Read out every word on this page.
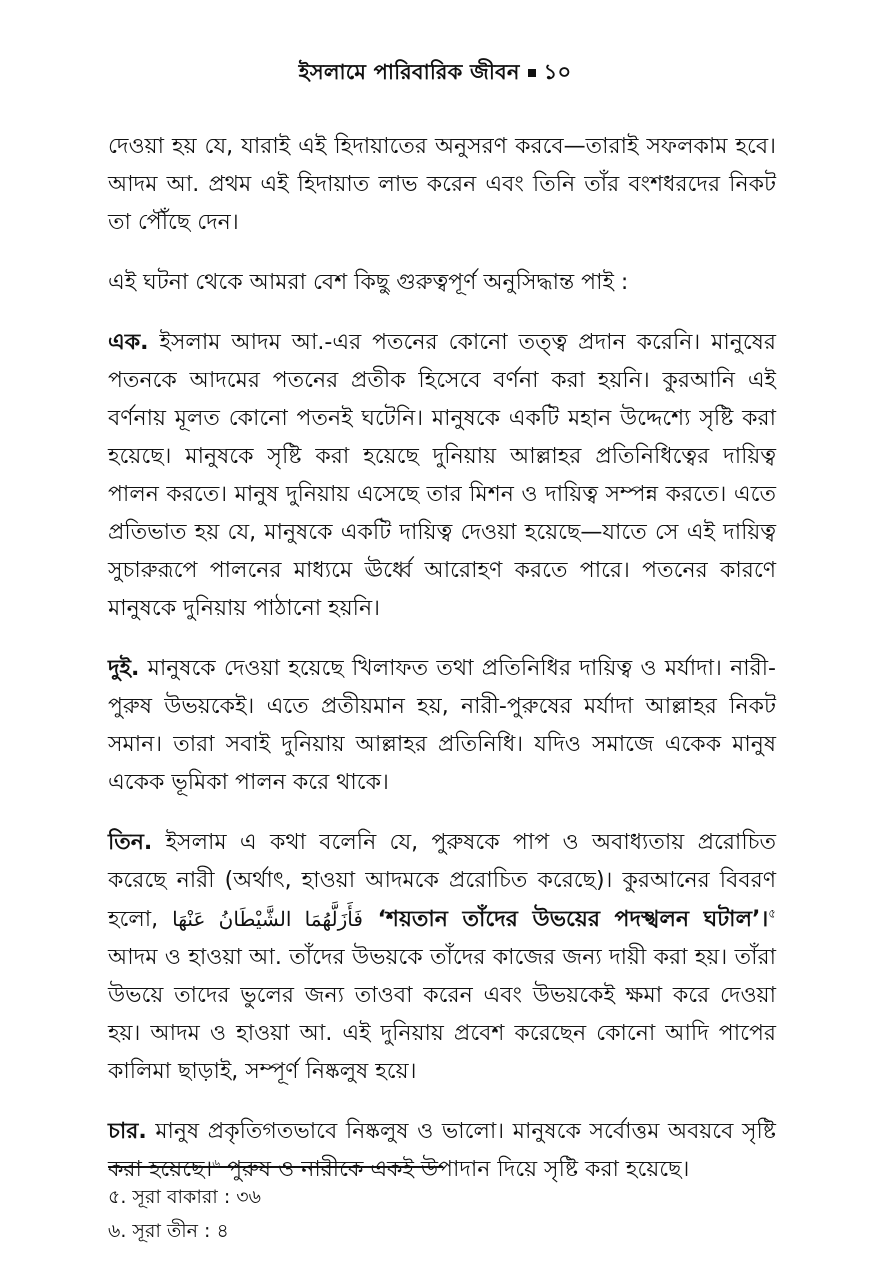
ইসলামে পারিবারিক জীবন ১০

দেওয়া হয় যে, যারাই এই হিদায়াতের অনুসরণ করবে—তারাই সফলকাম হবে। আদম আ. প্রথম এই হিদায়াত লাভ করেন এবং তিনি তাঁর বংশধরদের নিকট তা পৌঁছে দেন।

এই ঘটনা থেকে আমরা বেশ কিছু গুরুত্বপূর্ণ অনুসিদ্ধান্ত পাই :

এক. ইসলাম আদম আ.-এর পতনের কোনো তত্ত্ব প্রদান করেনি। মানুষের পতনকে আদমের পতনের প্রতীক হিসেবে বর্ণনা করা হয়নি। কুরআনি এই বর্ণনায় মূলত কোনো পতনই ঘটেনি। মানুষকে একটি মহান উদ্দেশ্যে সৃষ্টি করা হয়েছে। মানুষকে সৃষ্টি করা হয়েছে দুনিয়ায় আল্লাহর প্রতিনিধিত্বের দায়িত্ব পালন করতে। মানুষ দুনিয়ায় এসেছে তার মিশন ও দায়িত্ব সম্পন্ন করতে। এতে প্রতিভাত হয় যে, মানুষকে একটি দায়িত্ব দেওয়া হয়েছে—যাতে সে এই দায়িত্ব সুচারুরূপে পালনের মাধ্যমে ঊর্ধ্বে আরোহণ করতে পারে। পতনের কারণে মানুষকে দুনিয়ায় পাঠানো হয়নি।

দুই. মানুষকে দেওয়া হয়েছে খিলাফত তথা প্রতিনিধির দায়িত্ব ও মর্যাদা। নারী-পুরুষ উভয়কেই। এতে প্রতীয়মান হয়, নারী-পুরুষের মর্যাদা আল্লাহর নিকট সমান। তারা সবাই দুনিয়ায় আল্লাহর প্রতিনিধি। যদিও সমাজে একেক মানুষ একেক ভূমিকা পালন করে থাকে।

তিন. ইসলাম এ কথা বলেনি যে, পুরুষকে পাপ ও অবাধ্যতায় প্ররোচিত করেছে নারী (অর্থাৎ, হাওয়া আদমকে প্ররোচিত করেছে)। কুরআনের বিবরণ হলো, فَأَزَلَّهُمَا الشَّيْطَانُ عَنْهَا ‘শয়তান তাঁদের উভয়ের পদস্খলন ঘটাল’।$^৫$ আদম ও হাওয়া আ. তাঁদের উভয়কে তাঁদের কাজের জন্য দায়ী করা হয়। তাঁরা উভয়ে তাদের ভুলের জন্য তাওবা করেন এবং উভয়কেই ক্ষমা করে দেওয়া হয়। আদম ও হাওয়া আ. এই দুনিয়ায় প্রবেশ করেছেন কোনো আদি পাপের কালিমা ছাড়াই, সম্পূর্ণ নিষ্কলুষ হয়ে।

চার. মানুষ প্রকৃতিগতভাবে নিষ্কলুষ ও ভালো। মানুষকে সর্বোত্তম অবয়বে সৃষ্টি করা হয়েছে।$^৬$ পুরুষ ও নারীকে একই উপাদান দিয়ে সৃষ্টি করা হয়েছে।

৫. সূরা বাকারা : ৩৬
৬. সূরা তীন : ৪
